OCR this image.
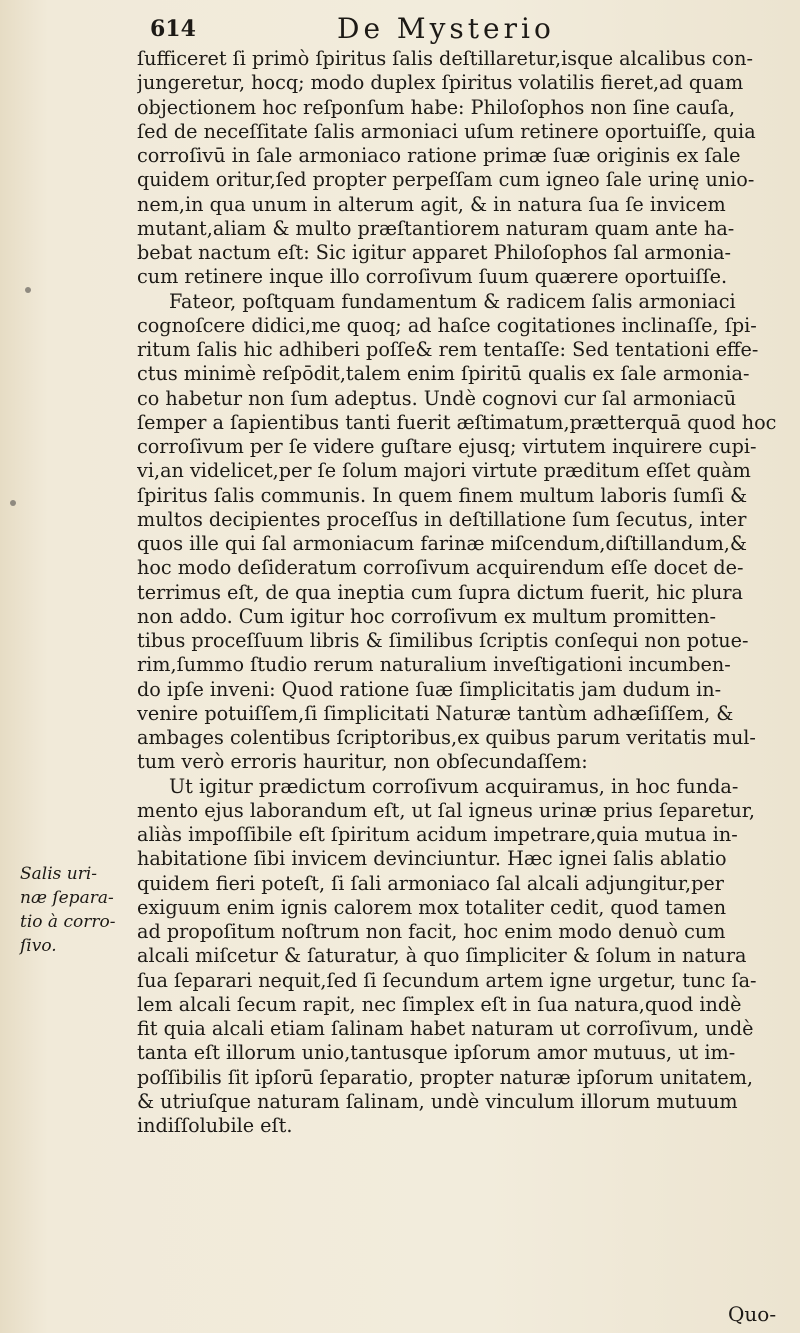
614	De Mysterio
Salis uri-
næ ſepara-
tio à corro-
ſivo.
ſufficeret ſi primò ſpiritus ſalis deſtillaretur,isque alcalibus con-
jungeretur, hocq; modo duplex ſpiritus volatilis fieret,ad quam
objectionem hoc reſponſum habe: Philoſophos non ſine cauſa,
ſed de neceſſitate ſalis armoniaci uſum retinere oportuiſſe, quia
corroſivū in ſale armoniaco ratione primæ ſuæ originis ex ſale
quidem oritur,ſed propter perpeſſam cum igneo ſale urinę unio-
nem,in qua unum in alterum agit, & in natura ſua ſe invicem
mutant,aliam & multo præſtantiorem naturam quam ante ha-
bebat nactum eſt: Sic igitur apparet Philoſophos ſal armonia-
cum retinere inque illo corroſivum ſuum quærere oportuiſſe.
Fateor, poſtquam fundamentum & radicem ſalis armoniaci
cognoſcere didici,me quoq; ad haſce cogitationes inclinaſſe, ſpi-
ritum ſalis hic adhiberi poſſe& rem tentaſſe: Sed tentationi effe-
ctus minimè reſpōdit,talem enim ſpiritū qualis ex ſale armonia-
co habetur non ſum adeptus. Undè cognovi cur ſal armoniacū
ſemper a ſapientibus tanti fuerit æſtimatum,prætterquā quod hoc
corroſivum per ſe videre guſtare ejusq; virtutem inquirere cupi-
vi,an videlicet,per ſe ſolum majori virtute præditum eſſet quàm
ſpiritus ſalis communis. In quem finem multum laboris ſumſi &
multos decipientes proceſſus in deſtillatione ſum ſecutus, inter
quos ille qui ſal armoniacum farinæ miſcendum,diſtillandum,&
hoc modo deſideratum corroſivum acquirendum eſſe docet de-
terrimus eſt, de qua ineptia cum ſupra dictum fuerit, hic plura
non addo. Cum igitur hoc corroſivum ex multum promitten-
tibus proceſſuum libris & ſimilibus ſcriptis conſequi non potue-
rim,ſummo ſtudio rerum naturalium inveſtigationi incumben-
do ipſe inveni: Quod ratione ſuæ ſimplicitatis jam dudum in-
venire potuiſſem,ſi ſimplicitati Naturæ tantùm adhæſiſſem, &
ambages colentibus ſcriptoribus,ex quibus parum veritatis mul-
tum verò erroris hauritur, non obſecundaſſem:
Ut igitur prædictum corroſivum acquiramus, in hoc funda-
mento ejus laborandum eſt, ut ſal igneus urinæ prius ſeparetur,
aliàs impoſſibile eſt ſpiritum acidum impetrare,quia mutua in-
habitatione ſibi invicem devinciuntur. Hæc ignei ſalis ablatio
quidem fieri poteſt, ſi ſali armoniaco ſal alcali adjungitur,per
exiguum enim ignis calorem mox totaliter cedit, quod tamen
ad propoſitum noſtrum non facit, hoc enim modo denuò cum
alcali miſcetur & ſaturatur, à quo ſimpliciter & ſolum in natura
ſua ſeparari nequit,ſed ſi ſecundum artem igne urgetur, tunc ſa-
lem alcali ſecum rapit, nec ſimplex eſt in ſua natura,quod indè
fit quia alcali etiam ſalinam habet naturam ut corroſivum, undè
tanta eſt illorum unio,tantusque ipſorum amor mutuus, ut im-
poſſibilis ſit ipſorū ſeparatio, propter naturæ ipſorum unitatem,
& utriuſque naturam ſalinam, undè vinculum illorum mutuum
indiſſolubile eſt.
Quo-
